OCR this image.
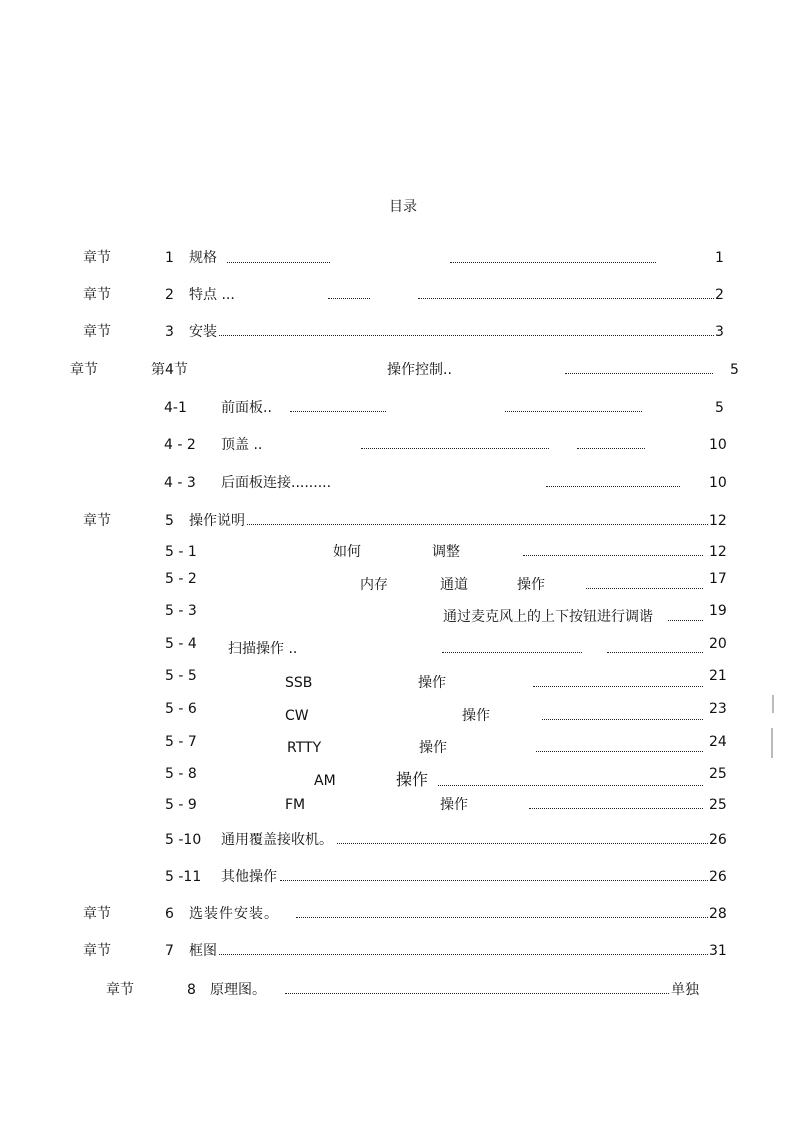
目录
章节	1 规格	1
章节	2 特点 ...	2
章节	3 安装	3
章节	第4节	操作控制..	5
4-1 前面板..	5
4 - 2 顶盖 ..	10
4 - 3 后面板连接.........	10
章节	5 操作说明	12
5 - 1	如何	调整	12
5 - 2	内存	通道	操作	17
5 - 3	通过麦克风上的上下按钮进行调谐	19
5 - 4 扫描操作 ..	20
5 - 5	SSB	操作	21
5 - 6	CW	操作	23
5 - 7	RTTY	操作	24
5 - 8	AM	操作	25
5 - 9	FM	操作	25
5 -10 通用覆盖接收机。	26
5 -11 其他操作	26
章节	6 选装件安装。	28
章节	7 框图	31
章节	8 原理图。	单独
